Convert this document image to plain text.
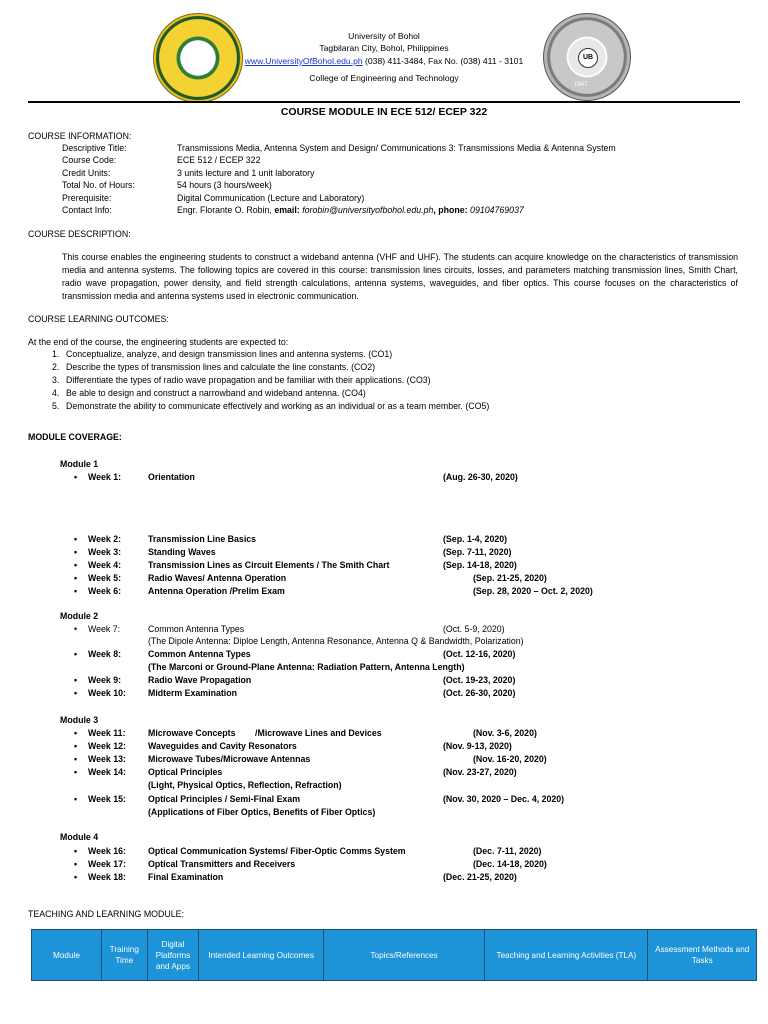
UB
1947
University of Bohol
Tagbilaran City, Bohol, Philippines
www.UniversityOfBohol.edu.ph (038) 411-3484, Fax No. (038) 411 - 3101
College of Engineering and Technology
COURSE MODULE IN ECE 512/ ECEP 322
COURSE INFORMATION:
Descriptive Title:	Transmissions Media, Antenna System and Design/ Communications 3: Transmissions Media & Antenna System
Course Code:	ECE 512 / ECEP 322
Credit Units:	3 units lecture and 1 unit laboratory
Total No. of Hours:	54 hours (3 hours/week)
Prerequisite:	Digital Communication (Lecture and Laboratory)
Contact Info:	Engr. Florante O. Robin, email: forobin@universityofbohol.edu.ph, phone: 09104769037
COURSE DESCRIPTION:
This course enables the engineering students to construct a wideband antenna (VHF and UHF). The students can acquire knowledge on the characteristics of transmission media and antenna systems. The following topics are covered in this course: transmission lines circuits, losses, and parameters matching transmission lines, Smith Chart, radio wave propagation, power density, and field strength calculations, antenna systems, waveguides, and fiber optics. This course focuses on the characteristics of transmission media and antenna systems used in electronic communication.
COURSE LEARNING OUTCOMES:
At the end of the course, the engineering students are expected to:
1. Conceptualize, analyze, and design transmission lines and antenna systems. (CO1)
2. Describe the types of transmission lines and calculate the line constants. (CO2)
3. Differentiate the types of radio wave propagation and be familiar with their applications. (CO3)
4. Be able to design and construct a narrowband and wideband antenna. (CO4)
5. Demonstrate the ability to communicate effectively and working as an individual or as a team member. (CO5)
MODULE COVERAGE:
Module 1
Module 2
Module 3
Module 4
• Week 1:	Orientation	(Aug. 26-30, 2020)
• Week 2:	Transmission Line Basics	(Sep. 1-4, 2020)
• Week 3:	Standing Waves	(Sep. 7-11, 2020)
• Week 4:	Transmission Lines as Circuit Elements / The Smith Chart	(Sep. 14-18, 2020)
• Week 5:	Radio Waves/ Antenna Operation	(Sep. 21-25, 2020)
• Week 6:	Antenna Operation /Prelim Exam	(Sep. 28, 2020 – Oct. 2, 2020)
• Week 7:	Common Antenna Types	(Oct. 5-9, 2020)
(The Dipole Antenna: Diploe Length, Antenna Resonance, Antenna Q & Bandwidth, Polarization)
• Week 8:	Common Antenna Types	(Oct. 12-16, 2020)
(The Marconi or Ground-Plane Antenna: Radiation Pattern, Antenna Length)
• Week 9:	Radio Wave Propagation	(Oct. 19-23, 2020)
• Week 10:	Midterm Examination	(Oct. 26-30, 2020)
• Week 11:	Microwave Concepts        /Microwave Lines and Devices	(Nov. 3-6, 2020)
• Week 12:	Waveguides and Cavity Resonators	(Nov. 9-13, 2020)
• Week 13:	Microwave Tubes/Microwave Antennas	(Nov. 16-20, 2020)
• Week 14:	Optical Principles	(Nov. 23-27, 2020)
(Light, Physical Optics, Reflection, Refraction)
• Week 15:	Optical Principles / Semi-Final Exam	(Nov. 30, 2020 – Dec. 4, 2020)
(Applications of Fiber Optics, Benefits of Fiber Optics)
• Week 16:	Optical Communication Systems/ Fiber-Optic Comms System	(Dec. 7-11, 2020)
• Week 17:	Optical Transmitters and Receivers	(Dec. 14-18, 2020)
• Week 18:	Final Examination	(Dec. 21-25, 2020)
TEACHING AND LEARNING MODULE:
Module	Training Time	Digital Platforms and Apps	Intended Learning Outcomes	Topics/References	Teaching and Learning Activities (TLA)	Assessment Methods and Tasks
